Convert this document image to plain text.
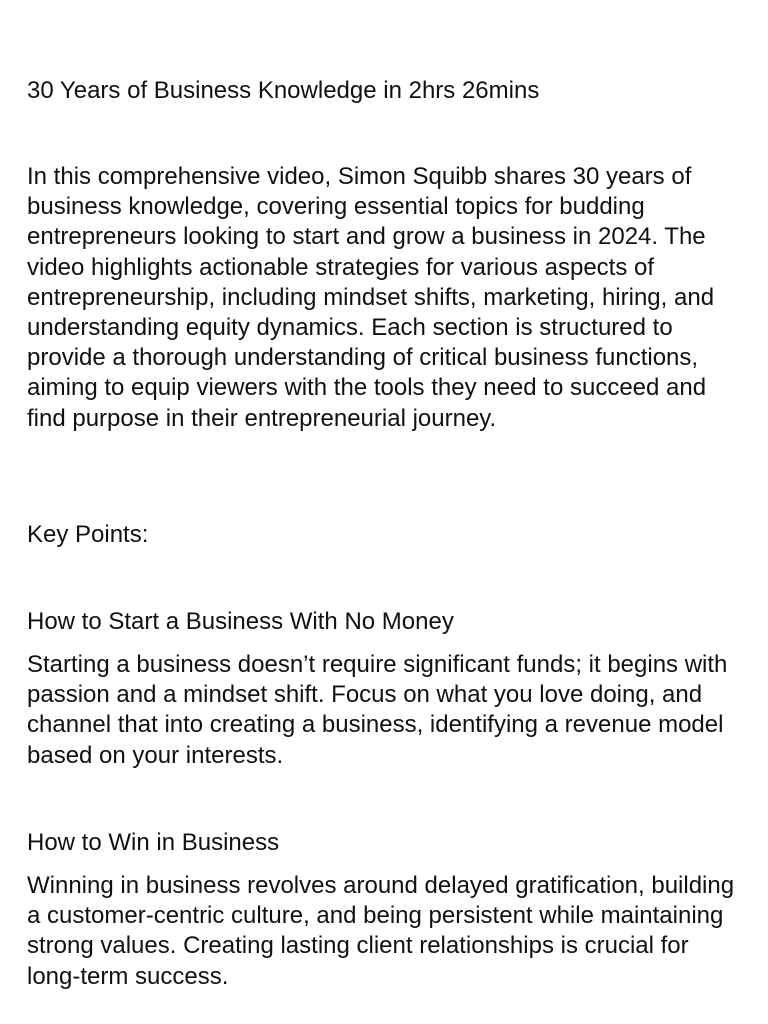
30 Years of Business Knowledge in 2hrs 26mins

In this comprehensive video, Simon Squibb shares 30 years of business knowledge, covering essential topics for budding entrepreneurs looking to start and grow a business in 2024. The video highlights actionable strategies for various aspects of entrepreneurship, including mindset shifts, marketing, hiring, and understanding equity dynamics. Each section is structured to provide a thorough understanding of critical business functions, aiming to equip viewers with the tools they need to succeed and find purpose in their entrepreneurial journey.

Key Points:
How to Start a Business With No Money

Starting a business doesn’t require significant funds; it begins with passion and a mindset shift. Focus on what you love doing, and channel that into creating a business, identifying a revenue model based on your interests.

How to Win in Business

Winning in business revolves around delayed gratification, building a customer-centric culture, and being persistent while maintaining strong values. Creating lasting client relationships is crucial for long-term success.
